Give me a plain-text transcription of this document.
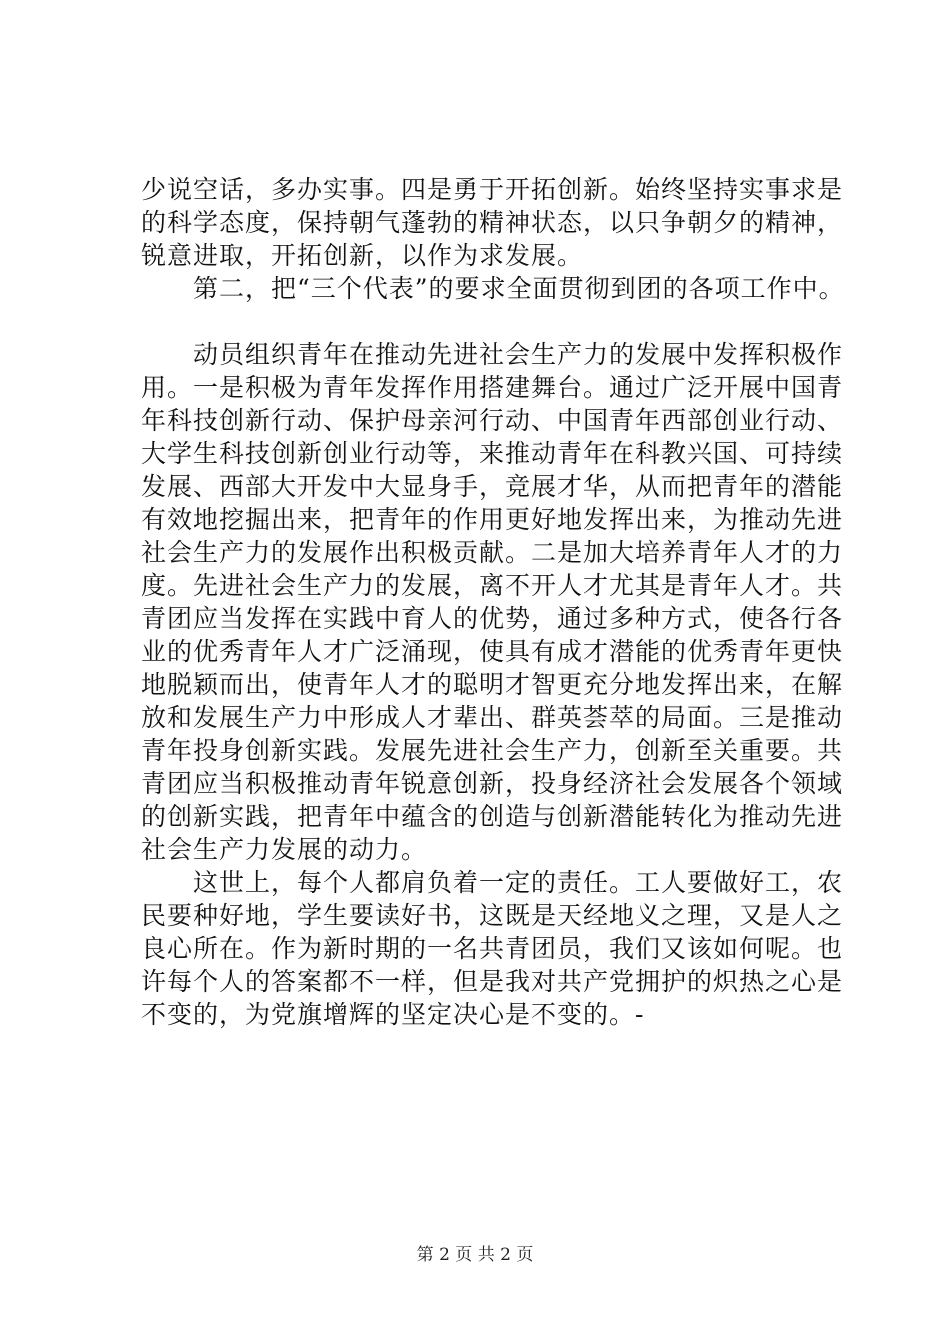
少说空话，多办实事。四是勇于开拓创新。始终坚持实事求是
的科学态度，保持朝气蓬勃的精神状态，以只争朝夕的精神，
锐意进取，开拓创新，以作为求发展。
　　第二，把“三个代表”的要求全面贯彻到团的各项工作中。
　　动员组织青年在推动先进社会生产力的发展中发挥积极作
用。一是积极为青年发挥作用搭建舞台。通过广泛开展中国青
年科技创新行动、保护母亲河行动、中国青年西部创业行动、
大学生科技创新创业行动等，来推动青年在科教兴国、可持续
发展、西部大开发中大显身手，竞展才华，从而把青年的潜能
有效地挖掘出来，把青年的作用更好地发挥出来，为推动先进
社会生产力的发展作出积极贡献。二是加大培养青年人才的力
度。先进社会生产力的发展，离不开人才尤其是青年人才。共
青团应当发挥在实践中育人的优势，通过多种方式，使各行各
业的优秀青年人才广泛涌现，使具有成才潜能的优秀青年更快
地脱颖而出，使青年人才的聪明才智更充分地发挥出来，在解
放和发展生产力中形成人才辈出、群英荟萃的局面。三是推动
青年投身创新实践。发展先进社会生产力，创新至关重要。共
青团应当积极推动青年锐意创新，投身经济社会发展各个领域
的创新实践，把青年中蕴含的创造与创新潜能转化为推动先进
社会生产力发展的动力。
　　这世上，每个人都肩负着一定的责任。工人要做好工，农
民要种好地，学生要读好书，这既是天经地义之理，又是人之
良心所在。作为新时期的一名共青团员，我们又该如何呢。也
许每个人的答案都不一样，但是我对共产党拥护的炽热之心是
不变的，为党旗增辉的坚定决心是不变的。-
第 2 页 共 2 页
